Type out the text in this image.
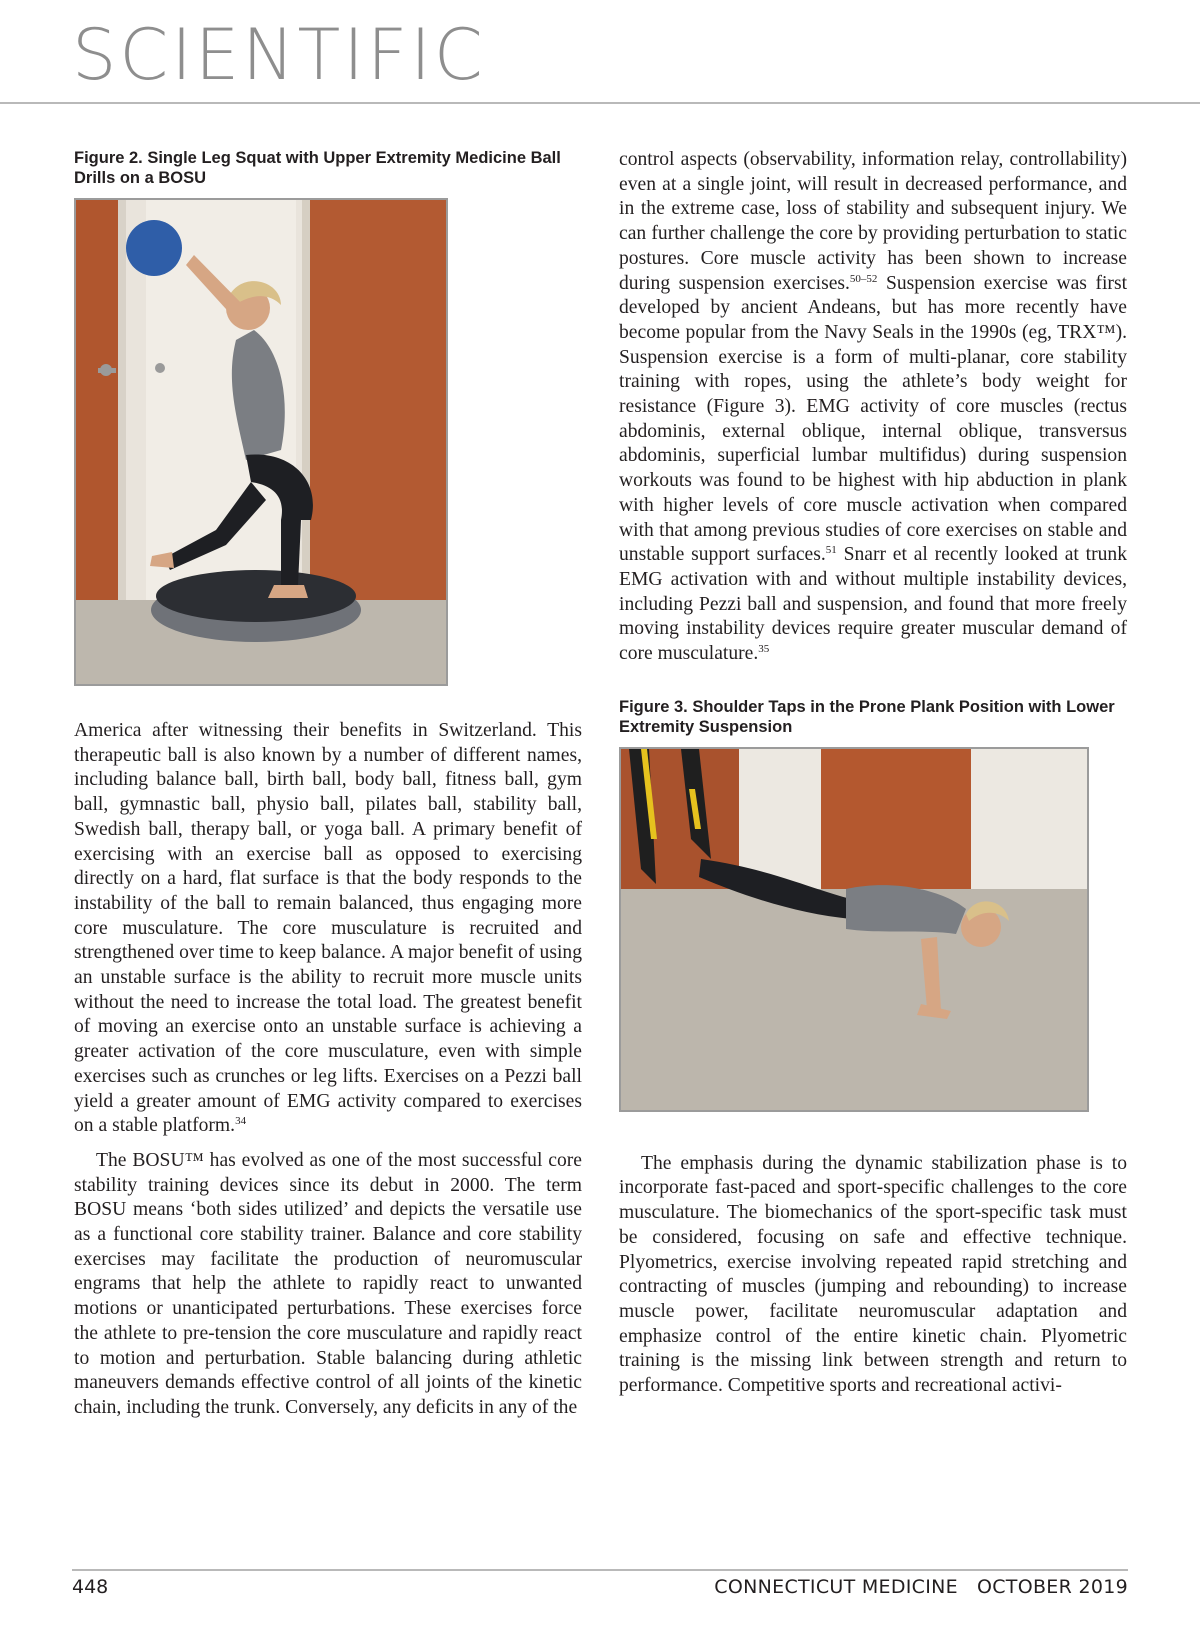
SCIENTIFIC

Figure 2. Single Leg Squat with Upper Extremity Medicine Ball Drills on a BOSU

America after witnessing their benefits in Switzerland. This therapeutic ball is also known by a number of different names, including balance ball, birth ball, body ball, fitness ball, gym ball, gymnastic ball, physio ball, pilates ball, stability ball, Swedish ball, therapy ball, or yoga ball. A primary benefit of exercising with an exercise ball as opposed to exercising directly on a hard, flat surface is that the body responds to the instability of the ball to remain balanced, thus engaging more core musculature. The core musculature is recruited and strengthened over time to keep balance. A major benefit of using an unstable surface is the ability to recruit more muscle units without the need to increase the total load. The greatest benefit of moving an exercise onto an unstable surface is achieving a greater activation of the core musculature, even with simple exercises such as crunches or leg lifts. Exercises on a Pezzi ball yield a greater amount of EMG activity compared to exercises on a stable platform.$^{34}$

The BOSU™ has evolved as one of the most successful core stability training devices since its debut in 2000. The term BOSU means ‘both sides utilized’ and depicts the versatile use as a functional core stability trainer. Balance and core stability exercises may facilitate the production of neuromuscular engrams that help the athlete to rapidly react to unwanted motions or unanticipated perturbations. These exercises force the athlete to pre-tension the core musculature and rapidly react to motion and perturbation. Stable balancing during athletic maneuvers demands effective control of all joints of the kinetic chain, including the trunk. Conversely, any deficits in any of the

control aspects (observability, information relay, controllability) even at a single joint, will result in decreased performance, and in the extreme case, loss of stability and subsequent injury. We can further challenge the core by providing perturbation to static postures. Core muscle activity has been shown to increase during suspension exercises.$^{50-52}$ Suspension exercise was first developed by ancient Andeans, but has more recently have become popular from the Navy Seals in the 1990s (eg, TRX™). Suspension exercise is a form of multi-planar, core stability training with ropes, using the athlete’s body weight for resistance (Figure 3). EMG activity of core muscles (rectus abdominis, external oblique, internal oblique, transversus abdominis, superficial lumbar multifidus) during suspension workouts was found to be highest with hip abduction in plank with higher levels of core muscle activation when compared with that among previous studies of core exercises on stable and unstable support surfaces.$^{51}$ Snarr et al recently looked at trunk EMG activation with and without multiple instability devices, including Pezzi ball and suspension, and found that more freely moving instability devices require greater muscular demand of core musculature.$^{35}$

Figure 3. Shoulder Taps in the Prone Plank Position with Lower Extremity Suspension

The emphasis during the dynamic stabilization phase is to incorporate fast-paced and sport-specific challenges to the core musculature. The biomechanics of the sport-specific task must be considered, focusing on safe and effective technique. Plyometrics, exercise involving repeated rapid stretching and contracting of muscles (jumping and rebounding) to increase muscle power, facilitate neuromuscular adaptation and emphasize control of the entire kinetic chain. Plyometric training is the missing link between strength and return to performance. Competitive sports and recreational activi-

448	CONNECTICUT MEDICINE   OCTOBER 2019
